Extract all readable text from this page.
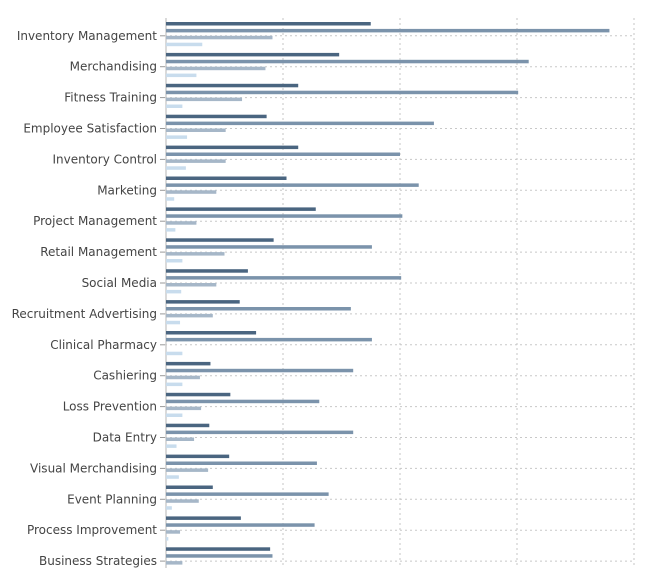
Inventory Management
Merchandising
Fitness Training
Employee Satisfaction
Inventory Control
Marketing
Project Management
Retail Management
Social Media
Recruitment Advertising
Clinical Pharmacy
Cashiering
Loss Prevention
Data Entry
Visual Merchandising
Event Planning
Process Improvement
Business Strategies
